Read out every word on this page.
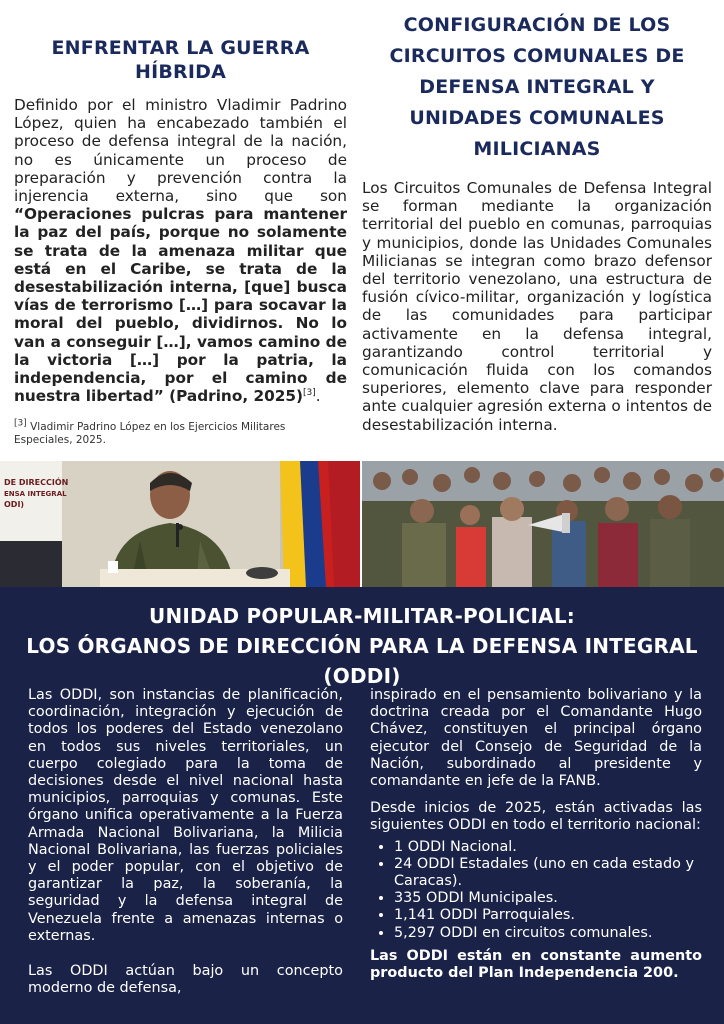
ENFRENTAR LA GUERRA HÍBRIDA

Definido por el ministro Vladimir Padrino López, quien ha encabezado también el proceso de defensa integral de la nación, no es únicamente un proceso de preparación y prevención contra la injerencia externa, sino que son “Operaciones pulcras para mantener la paz del país, porque no solamente se trata de la amenaza militar que está en el Caribe, se trata de la desestabilización interna, [que] busca vías de terrorismo […] para socavar la moral del pueblo, dividirnos. No lo van a conseguir […], vamos camino de la victoria […] por la patria, la independencia, por el camino de nuestra libertad” (Padrino, 2025)[3].

[3] Vladimir Padrino López en los Ejercicios Militares Especiales, 2025.
CONFIGURACIÓN DE LOS CIRCUITOS COMUNALES DE DEFENSA INTEGRAL Y UNIDADES COMUNALES MILICIANAS

Los Circuitos Comunales de Defensa Integral se forman mediante la organización territorial del pueblo en comunas, parroquias y municipios, donde las Unidades Comunales Milicianas se integran como brazo defensor del territorio venezolano, una estructura de fusión cívico-militar, organización y logística de las comunidades para participar activamente en la defensa integral, garantizando control territorial y comunicación fluida con los comandos superiores, elemento clave para responder ante cualquier agresión externa o intentos de desestabilización interna.

DE DIRECCIÓN
ENSA INTEGRAL
ODI)
UNIDAD POPULAR-MILITAR-POLICIAL:
LOS ÓRGANOS DE DIRECCIÓN PARA LA DEFENSA INTEGRAL (ODDI)

Las ODDI, son instancias de planificación, coordinación, integración y ejecución de todos los poderes del Estado venezolano en todos sus niveles territoriales, un cuerpo colegiado para la toma de decisiones desde el nivel nacional hasta municipios, parroquias y comunas. Este órgano unifica operativamente a la Fuerza Armada Nacional Bolivariana, la Milicia Nacional Bolivariana, las fuerzas policiales y el poder popular, con el objetivo de garantizar la paz, la soberanía, la seguridad y la defensa integral de Venezuela frente a amenazas internas o externas.

Las ODDI actúan bajo un concepto moderno de defensa,

inspirado en el pensamiento bolivariano y la doctrina creada por el Comandante Hugo Chávez, constituyen el principal órgano ejecutor del Consejo de Seguridad de la Nación, subordinado al presidente y comandante en jefe de la FANB.

Desde inicios de 2025, están activadas las siguientes ODDI en todo el territorio nacional:

• 1 ODDI Nacional.
• 24 ODDI Estadales (uno en cada estado y Caracas).
• 335 ODDI Municipales.
• 1,141 ODDI Parroquiales.
• 5,297 ODDI en circuitos comunales.

Las ODDI están en constante aumento producto del Plan Independencia 200.
